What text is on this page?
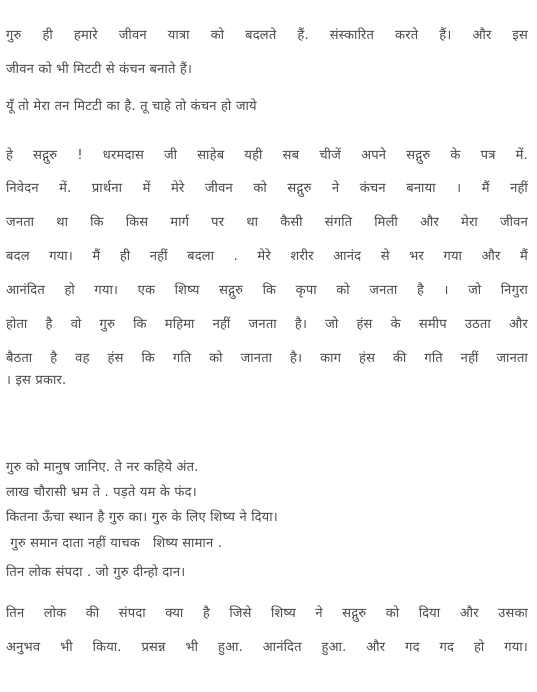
गुरु ही हमारे जीवन यात्रा को बदलते हैं. संस्कारित करते हैं। और इस
जीवन को भी मिटटी से कंचन बनाते हैं।
यूँ तो मेरा तन मिटटी का है. तू चाहे तो कंचन हो जाये
हे सद्गुरु ! धरमदास जी साहेब यही सब चीजें अपने सद्गुरु के पत्र में.
निवेदन में. प्रार्थना में मेरे जीवन को सद्गुरु ने कंचन बनाया । मैं नहीं
जनता था कि किस मार्ग पर था कैसी संगति मिली और मेरा जीवन
बदल गया। मैं ही नहीं बदला . मेरे शरीर आनंद से भर गया और मैं
आनंदित हो गया। एक शिष्य सद्गुरु कि कृपा को जनता है । जो निगुरा
होता है वो गुरु कि महिमा नहीं जनता है। जो हंस के समीप उठता और
बैठता है वह हंस कि गति को जानता है। काग हंस की गति नहीं जानता
। इस प्रकार.
गुरु को मानुष जानिए. ते नर कहिये अंत.
लाख चौरासी भ्रम ते . पड़ते यम के फंद।
कितना ऊँचा स्थान है गुरु का। गुरु के लिए शिष्य ने दिया।
गुरु समान दाता नहीं याचक   शिष्य सामान .
तिन लोक संपदा . जो गुरु दीन्हो दान।
तिन लोक की संपदा क्या है जिसे शिष्य ने सद्गुरु को दिया और उसका
अनुभव भी किया. प्रसन्न भी हुआ. आनंदित हुआ. और गद गद हो गया।
